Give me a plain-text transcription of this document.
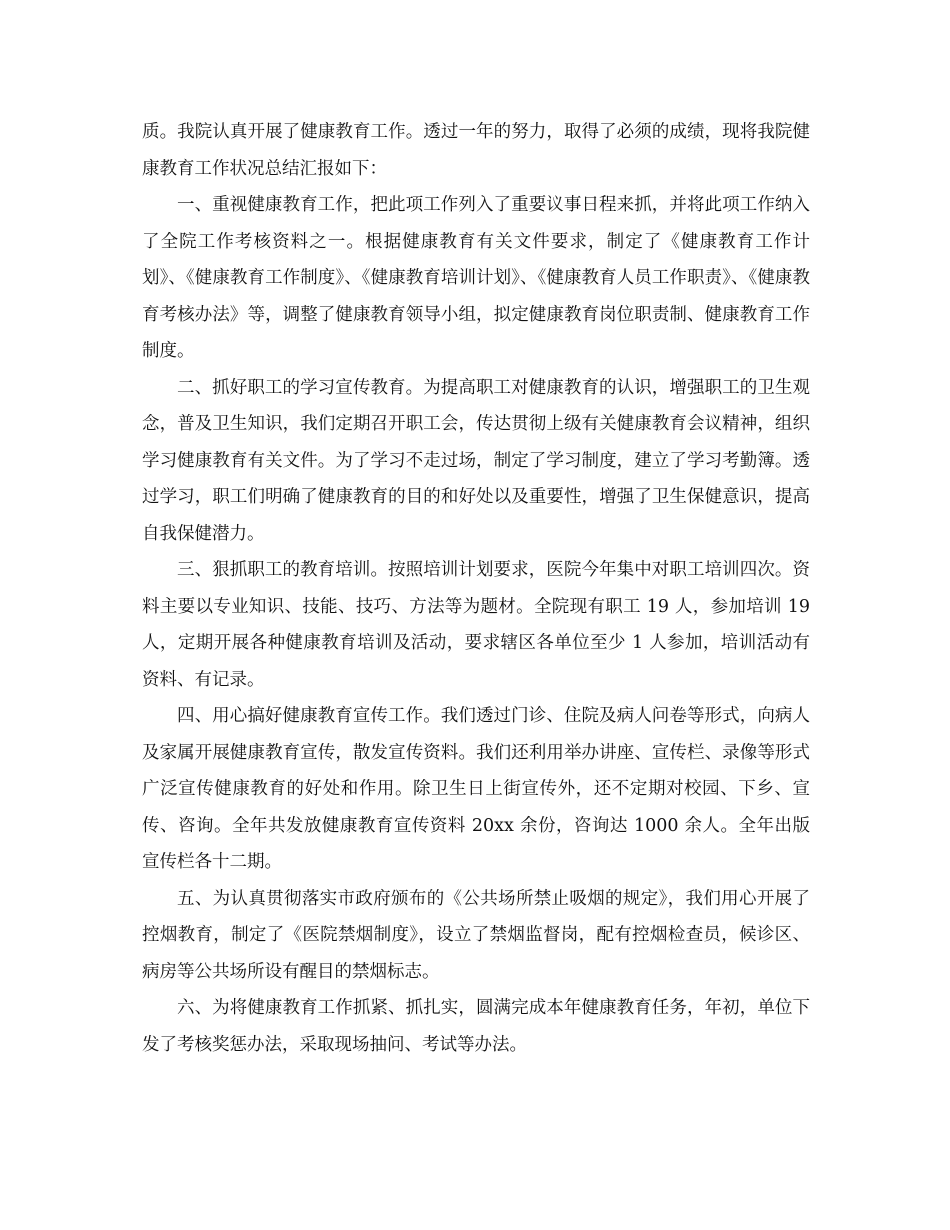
质。我院认真开展了健康教育工作。透过一年的努力，取得了必须的成绩，现将我院健康教育工作状况总结汇报如下：

一、重视健康教育工作，把此项工作列入了重要议事日程来抓，并将此项工作纳入了全院工作考核资料之一。根据健康教育有关文件要求，制定了《健康教育工作计划》、《健康教育工作制度》、《健康教育培训计划》、《健康教育人员工作职责》、《健康教育考核办法》等，调整了健康教育领导小组，拟定健康教育岗位职责制、健康教育工作制度。

二、抓好职工的学习宣传教育。为提高职工对健康教育的认识，增强职工的卫生观念，普及卫生知识，我们定期召开职工会，传达贯彻上级有关健康教育会议精神，组织学习健康教育有关文件。为了学习不走过场，制定了学习制度，建立了学习考勤簿。透过学习，职工们明确了健康教育的目的和好处以及重要性，增强了卫生保健意识，提高自我保健潜力。

三、狠抓职工的教育培训。按照培训计划要求，医院今年集中对职工培训四次。资料主要以专业知识、技能、技巧、方法等为题材。全院现有职工 19 人，参加培训 19 人，定期开展各种健康教育培训及活动，要求辖区各单位至少 1 人参加，培训活动有资料、有记录。

四、用心搞好健康教育宣传工作。我们透过门诊、住院及病人问卷等形式，向病人及家属开展健康教育宣传，散发宣传资料。我们还利用举办讲座、宣传栏、录像等形式广泛宣传健康教育的好处和作用。除卫生日上街宣传外，还不定期对校园、下乡、宣传、咨询。全年共发放健康教育宣传资料 20xx 余份，咨询达 1000 余人。全年出版宣传栏各十二期。

五、为认真贯彻落实市政府颁布的《公共场所禁止吸烟的规定》，我们用心开展了控烟教育，制定了《医院禁烟制度》，设立了禁烟监督岗，配有控烟检查员，候诊区、病房等公共场所设有醒目的禁烟标志。

六、为将健康教育工作抓紧、抓扎实，圆满完成本年健康教育任务，年初，单位下发了考核奖惩办法，采取现场抽问、考试等办法。
